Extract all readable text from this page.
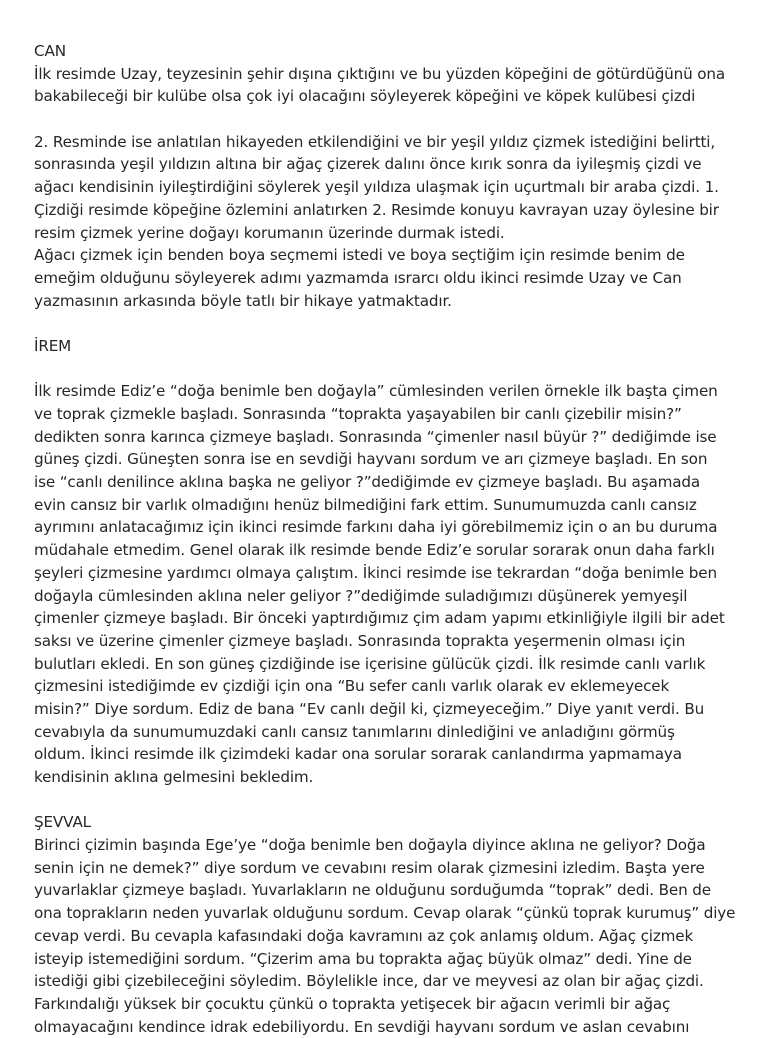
CAN
İlk resimde Uzay, teyzesinin şehir dışına çıktığını ve bu yüzden köpeğini de götürdüğünü ona
bakabileceği bir kulübe olsa çok iyi olacağını söyleyerek köpeğini ve köpek kulübesi çizdi
2. Resminde ise anlatılan hikayeden etkilendiğini ve bir yeşil yıldız çizmek istediğini belirtti,
sonrasında yeşil yıldızın altına bir ağaç çizerek dalını önce kırık sonra da iyileşmiş çizdi ve
ağacı kendisinin iyileştirdiğini söylerek yeşil yıldıza ulaşmak için uçurtmalı bir araba çizdi. 1.
Çizdiği resimde köpeğine özlemini anlatırken 2. Resimde konuyu kavrayan uzay öylesine bir
resim çizmek yerine doğayı korumanın üzerinde durmak istedi.
Ağacı çizmek için benden boya seçmemi istedi ve boya seçtiğim için resimde benim de
emeğim olduğunu söyleyerek adımı yazmamda ısrarcı oldu ikinci resimde Uzay ve Can
yazmasının arkasında böyle tatlı bir hikaye yatmaktadır.
İREM
İlk resimde Ediz’e “doğa benimle ben doğayla” cümlesinden verilen örnekle ilk başta çimen
ve toprak çizmekle başladı. Sonrasında “toprakta yaşayabilen bir canlı çizebilir misin?”
dedikten sonra karınca çizmeye başladı. Sonrasında “çimenler nasıl büyür ?” dediğimde ise
güneş çizdi. Güneşten sonra ise en sevdiği hayvanı sordum ve arı çizmeye başladı. En son
ise “canlı denilince aklına başka ne geliyor ?”dediğimde ev çizmeye başladı. Bu aşamada
evin cansız bir varlık olmadığını henüz bilmediğini fark ettim. Sunumumuzda canlı cansız
ayrımını anlatacağımız için ikinci resimde farkını daha iyi görebilmemiz için o an bu duruma
müdahale etmedim. Genel olarak ilk resimde bende Ediz’e sorular sorarak onun daha farklı
şeyleri çizmesine yardımcı olmaya çalıştım. İkinci resimde ise tekrardan “doğa benimle ben
doğayla cümlesinden aklına neler geliyor ?”dediğimde suladığımızı düşünerek yemyeşil
çimenler çizmeye başladı. Bir önceki yaptırdığımız çim adam yapımı etkinliğiyle ilgili bir adet
saksı ve üzerine çimenler çizmeye başladı. Sonrasında toprakta yeşermenin olması için
bulutları ekledi. En son güneş çizdiğinde ise içerisine gülücük çizdi. İlk resimde canlı varlık
çizmesini istediğimde ev çizdiği için ona “Bu sefer canlı varlık olarak ev eklemeyecek
misin?” Diye sordum. Ediz de bana “Ev canlı değil ki, çizmeyeceğim.” Diye yanıt verdi. Bu
cevabıyla da sunumumuzdaki canlı cansız tanımlarını dinlediğini ve anladığını görmüş
oldum. İkinci resimde ilk çizimdeki kadar ona sorular sorarak canlandırma yapmamaya
kendisinin aklına gelmesini bekledim.
ŞEVVAL
Birinci çizimin başında Ege’ye “doğa benimle ben doğayla diyince aklına ne geliyor? Doğa
senin için ne demek?” diye sordum ve cevabını resim olarak çizmesini izledim. Başta yere
yuvarlaklar çizmeye başladı. Yuvarlakların ne olduğunu sorduğumda “toprak” dedi. Ben de
ona toprakların neden yuvarlak olduğunu sordum. Cevap olarak “çünkü toprak kurumuş” diye
cevap verdi. Bu cevapla kafasındaki doğa kavramını az çok anlamış oldum. Ağaç çizmek
isteyip istemediğini sordum. “Çizerim ama bu toprakta ağaç büyük olmaz” dedi. Yine de
istediği gibi çizebileceğini söyledim. Böylelikle ince, dar ve meyvesi az olan bir ağaç çizdi.
Farkındalığı yüksek bir çocuktu çünkü o toprakta yetişecek bir ağacın verimli bir ağaç
olmayacağını kendince idrak edebiliyordu. En sevdiği hayvanı sordum ve aslan cevabını
